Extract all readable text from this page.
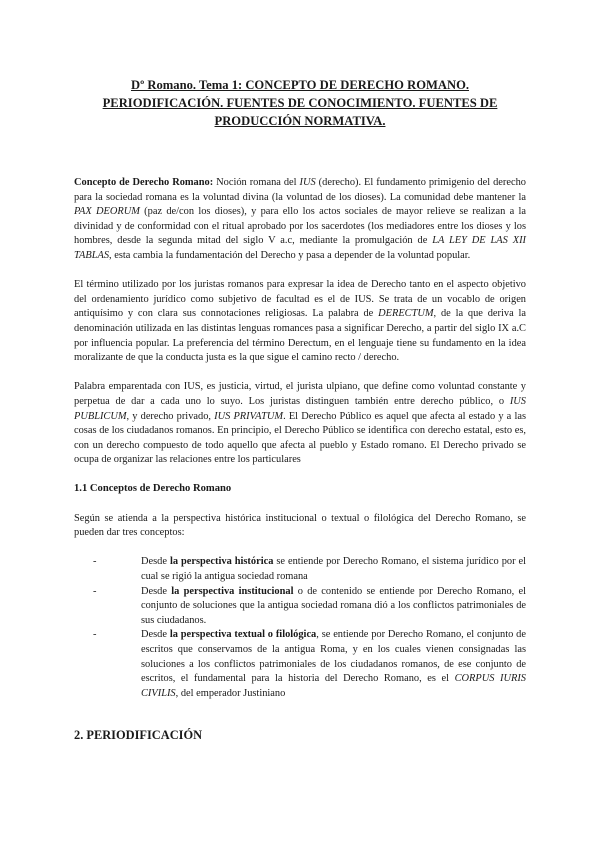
Dº Romano. Tema 1: CONCEPTO DE DERECHO ROMANO.
PERIODIFICACIÓN. FUENTES DE CONOCIMIENTO. FUENTES DE
PRODUCCIÓN NORMATIVA.

Concepto de Derecho Romano: Noción romana del IUS (derecho). El fundamento primigenio del derecho para la sociedad romana es la voluntad divina (la voluntad de los dioses). La comunidad debe mantener la PAX DEORUM (paz de/con los dioses), y para ello los actos sociales de mayor relieve se realizan a la divinidad y de conformidad con el ritual aprobado por los sacerdotes (los mediadores entre los dioses y los hombres, desde la segunda mitad del siglo V a.c, mediante la promulgación de LA LEY DE LAS XII TABLAS, esta cambia la fundamentación del Derecho y pasa a depender de la voluntad popular.

El término utilizado por los juristas romanos para expresar la idea de Derecho tanto en el aspecto objetivo del ordenamiento jurídico como subjetivo de facultad es el de IUS. Se trata de un vocablo de origen antiquísimo y con clara sus connotaciones religiosas. La palabra de DERECTUM, de la que deriva la denominación utilizada en las distintas lenguas romances pasa a significar Derecho, a partir del siglo IX a.C por influencia popular. La preferencia del término Derectum, en el lenguaje tiene su fundamento en la idea moralizante de que la conducta justa es la que sigue el camino recto / derecho.

Palabra emparentada con IUS, es justicia, virtud, el jurista ulpiano, que define como voluntad constante y perpetua de dar a cada uno lo suyo. Los juristas distinguen también entre derecho público, o IUS PUBLICUM, y derecho privado, IUS PRIVATUM. El Derecho Público es aquel que afecta al estado y a las cosas de los ciudadanos romanos. En principio, el Derecho Público se identifica con derecho estatal, esto es, con un derecho compuesto de todo aquello que afecta al pueblo y Estado romano. El Derecho privado se ocupa de organizar las relaciones entre los particulares

1.1 Conceptos de Derecho Romano

Según se atienda a la perspectiva histórica institucional o textual o filológica del Derecho Romano, se pueden dar tres conceptos:

-	Desde la perspectiva histórica se entiende por Derecho Romano, el sistema jurídico por el cual se rigió la antigua sociedad romana
-	Desde la perspectiva institucional o de contenido se entiende por Derecho Romano, el conjunto de soluciones que la antigua sociedad romana dió a los conflictos patrimoniales de sus ciudadanos.
-	Desde la perspectiva textual o filológica, se entiende por Derecho Romano, el conjunto de escritos que conservamos de la antigua Roma, y en los cuales vienen consignadas las soluciones a los conflictos patrimoniales de los ciudadanos romanos, de ese conjunto de escritos, el fundamental para la historia del Derecho Romano, es el CORPUS IURIS CIVILIS, del emperador Justiniano
2. PERIODIFICACIÓN
